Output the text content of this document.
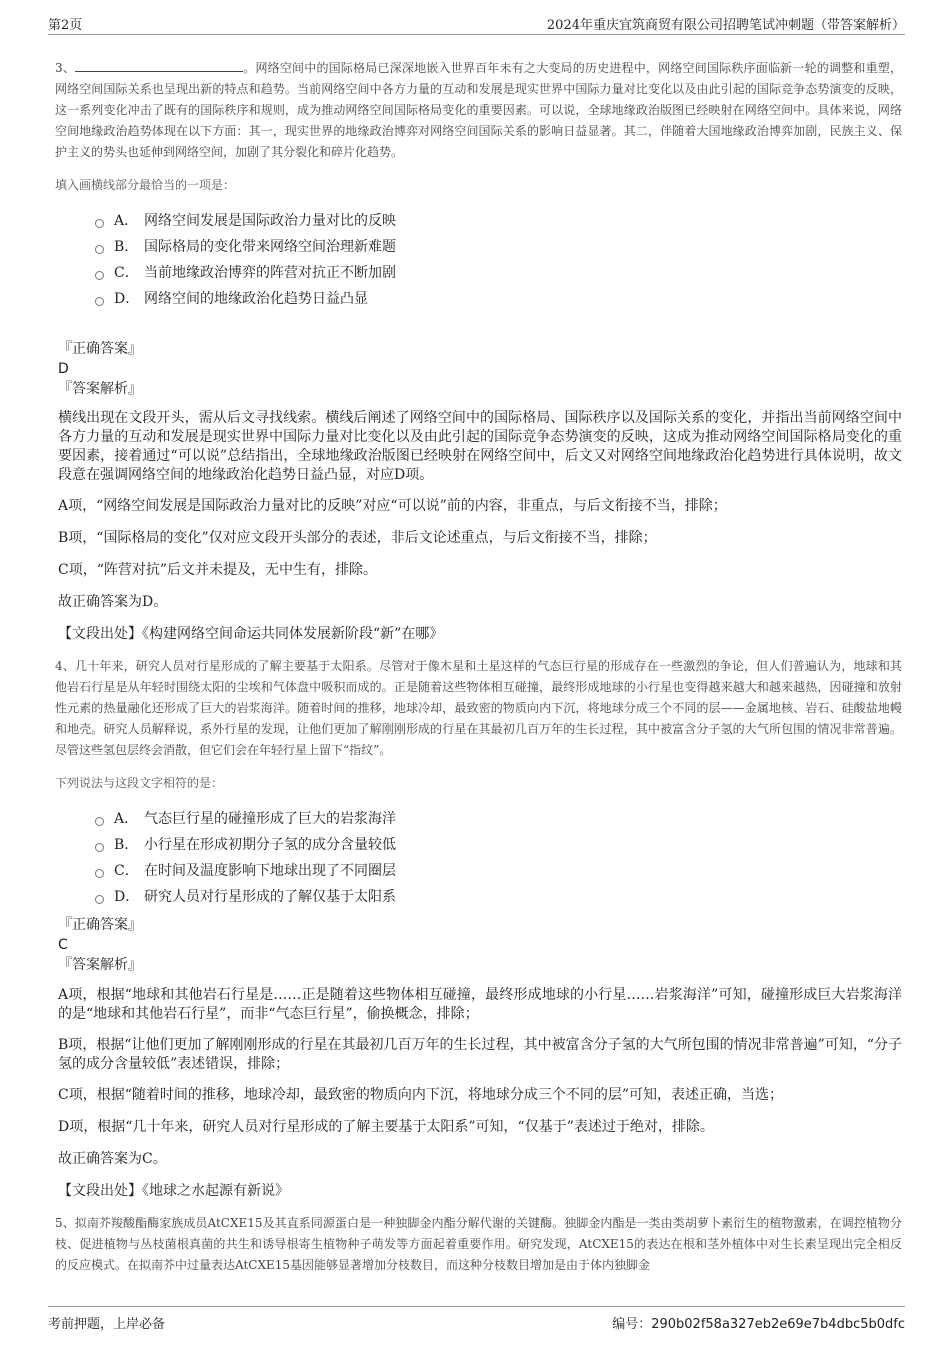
第2页	2024年重庆宜筑商贸有限公司招聘笔试冲刺题（带答案解析）
3、	。网络空间中的国际格局已深深地嵌入世界百年未有之大变局的历史进程中，网络空间国际秩序面临新一轮的调整和重塑，网络空间国际关系也呈现出新的特点和趋势。当前网络空间中各方力量的互动和发展是现实世界中国际力量对比变化以及由此引起的国际竞争态势演变的反映，这一系列变化冲击了既有的国际秩序和规则，成为推动网络空间国际格局变化的重要因素。可以说，全球地缘政治版图已经映射在网络空间中。具体来说，网络空间地缘政治趋势体现在以下方面：其一，现实世界的地缘政治博弈对网络空间国际关系的影响日益显著。其二，伴随着大国地缘政治博弈加剧，民族主义、保护主义的势头也延伸到网络空间，加剧了其分裂化和碎片化趋势。
填入画横线部分最恰当的一项是：
A． 网络空间发展是国际政治力量对比的反映
B． 国际格局的变化带来网络空间治理新难题
C． 当前地缘政治博弈的阵营对抗正不断加剧
D． 网络空间的地缘政治化趋势日益凸显
『正确答案』
D
『答案解析』
横线出现在文段开头，需从后文寻找线索。横线后阐述了网络空间中的国际格局、国际秩序以及国际关系的变化，并指出当前网络空间中各方力量的互动和发展是现实世界中国际力量对比变化以及由此引起的国际竞争态势演变的反映，这成为推动网络空间国际格局变化的重要因素，接着通过“可以说”总结指出，全球地缘政治版图已经映射在网络空间中，后文又对网络空间地缘政治化趋势进行具体说明，故文段意在强调网络空间的地缘政治化趋势日益凸显，对应D项。
A项，“网络空间发展是国际政治力量对比的反映”对应“可以说”前的内容，非重点，与后文衔接不当，排除；
B项，“国际格局的变化”仅对应文段开头部分的表述，非后文论述重点，与后文衔接不当，排除；
C项，“阵营对抗”后文并未提及，无中生有，排除。
故正确答案为D。
【文段出处】《构建网络空间命运共同体发展新阶段“新”在哪》
4、几十年来，研究人员对行星形成的了解主要基于太阳系。尽管对于像木星和土星这样的气态巨行星的形成存在一些激烈的争论，但人们普遍认为，地球和其他岩石行星是从年轻时围绕太阳的尘埃和气体盘中吸积而成的。正是随着这些物体相互碰撞，最终形成地球的小行星也变得越来越大和越来越热，因碰撞和放射性元素的热量融化还形成了巨大的岩浆海洋。随着时间的推移，地球冷却，最致密的物质向内下沉，将地球分成三个不同的层——金属地核、岩石、硅酸盐地幔和地壳。研究人员解释说，系外行星的发现，让他们更加了解刚刚形成的行星在其最初几百万年的生长过程，其中被富含分子氢的大气所包围的情况非常普遍。尽管这些氢包层终会消散，但它们会在年轻行星上留下“指纹”。
下列说法与这段文字相符的是：
A． 气态巨行星的碰撞形成了巨大的岩浆海洋
B． 小行星在形成初期分子氢的成分含量较低
C． 在时间及温度影响下地球出现了不同圈层
D． 研究人员对行星形成的了解仅基于太阳系
『正确答案』
C
『答案解析』
A项，根据“地球和其他岩石行星是……正是随着这些物体相互碰撞，最终形成地球的小行星……岩浆海洋”可知，碰撞形成巨大岩浆海洋的是“地球和其他岩石行星”，而非“气态巨行星”，偷换概念，排除；
B项，根据“让他们更加了解刚刚形成的行星在其最初几百万年的生长过程，其中被富含分子氢的大气所包围的情况非常普遍”可知，“分子氢的成分含量较低”表述错误，排除；
C项，根据“随着时间的推移，地球冷却，最致密的物质向内下沉，将地球分成三个不同的层”可知，表述正确，当选；
D项，根据“几十年来，研究人员对行星形成的了解主要基于太阳系”可知，“仅基于”表述过于绝对，排除。
故正确答案为C。
【文段出处】《地球之水起源有新说》
5、拟南芥羧酸酯酶家族成员AtCXE15及其直系同源蛋白是一种独脚金内酯分解代谢的关键酶。独脚金内酯是一类由类胡萝卜素衍生的植物激素，在调控植物分枝、促进植物与丛枝菌根真菌的共生和诱导根寄生植物种子萌发等方面起着重要作用。研究发现，AtCXE15的表达在根和茎外植体中对生长素呈现出完全相反的反应模式。在拟南芥中过量表达AtCXE15基因能够显著增加分枝数目，而这种分枝数目增加是由于体内独脚金
考前押题，上岸必备	编号：290b02f58a327eb2e69e7b4dbc5b0dfc
